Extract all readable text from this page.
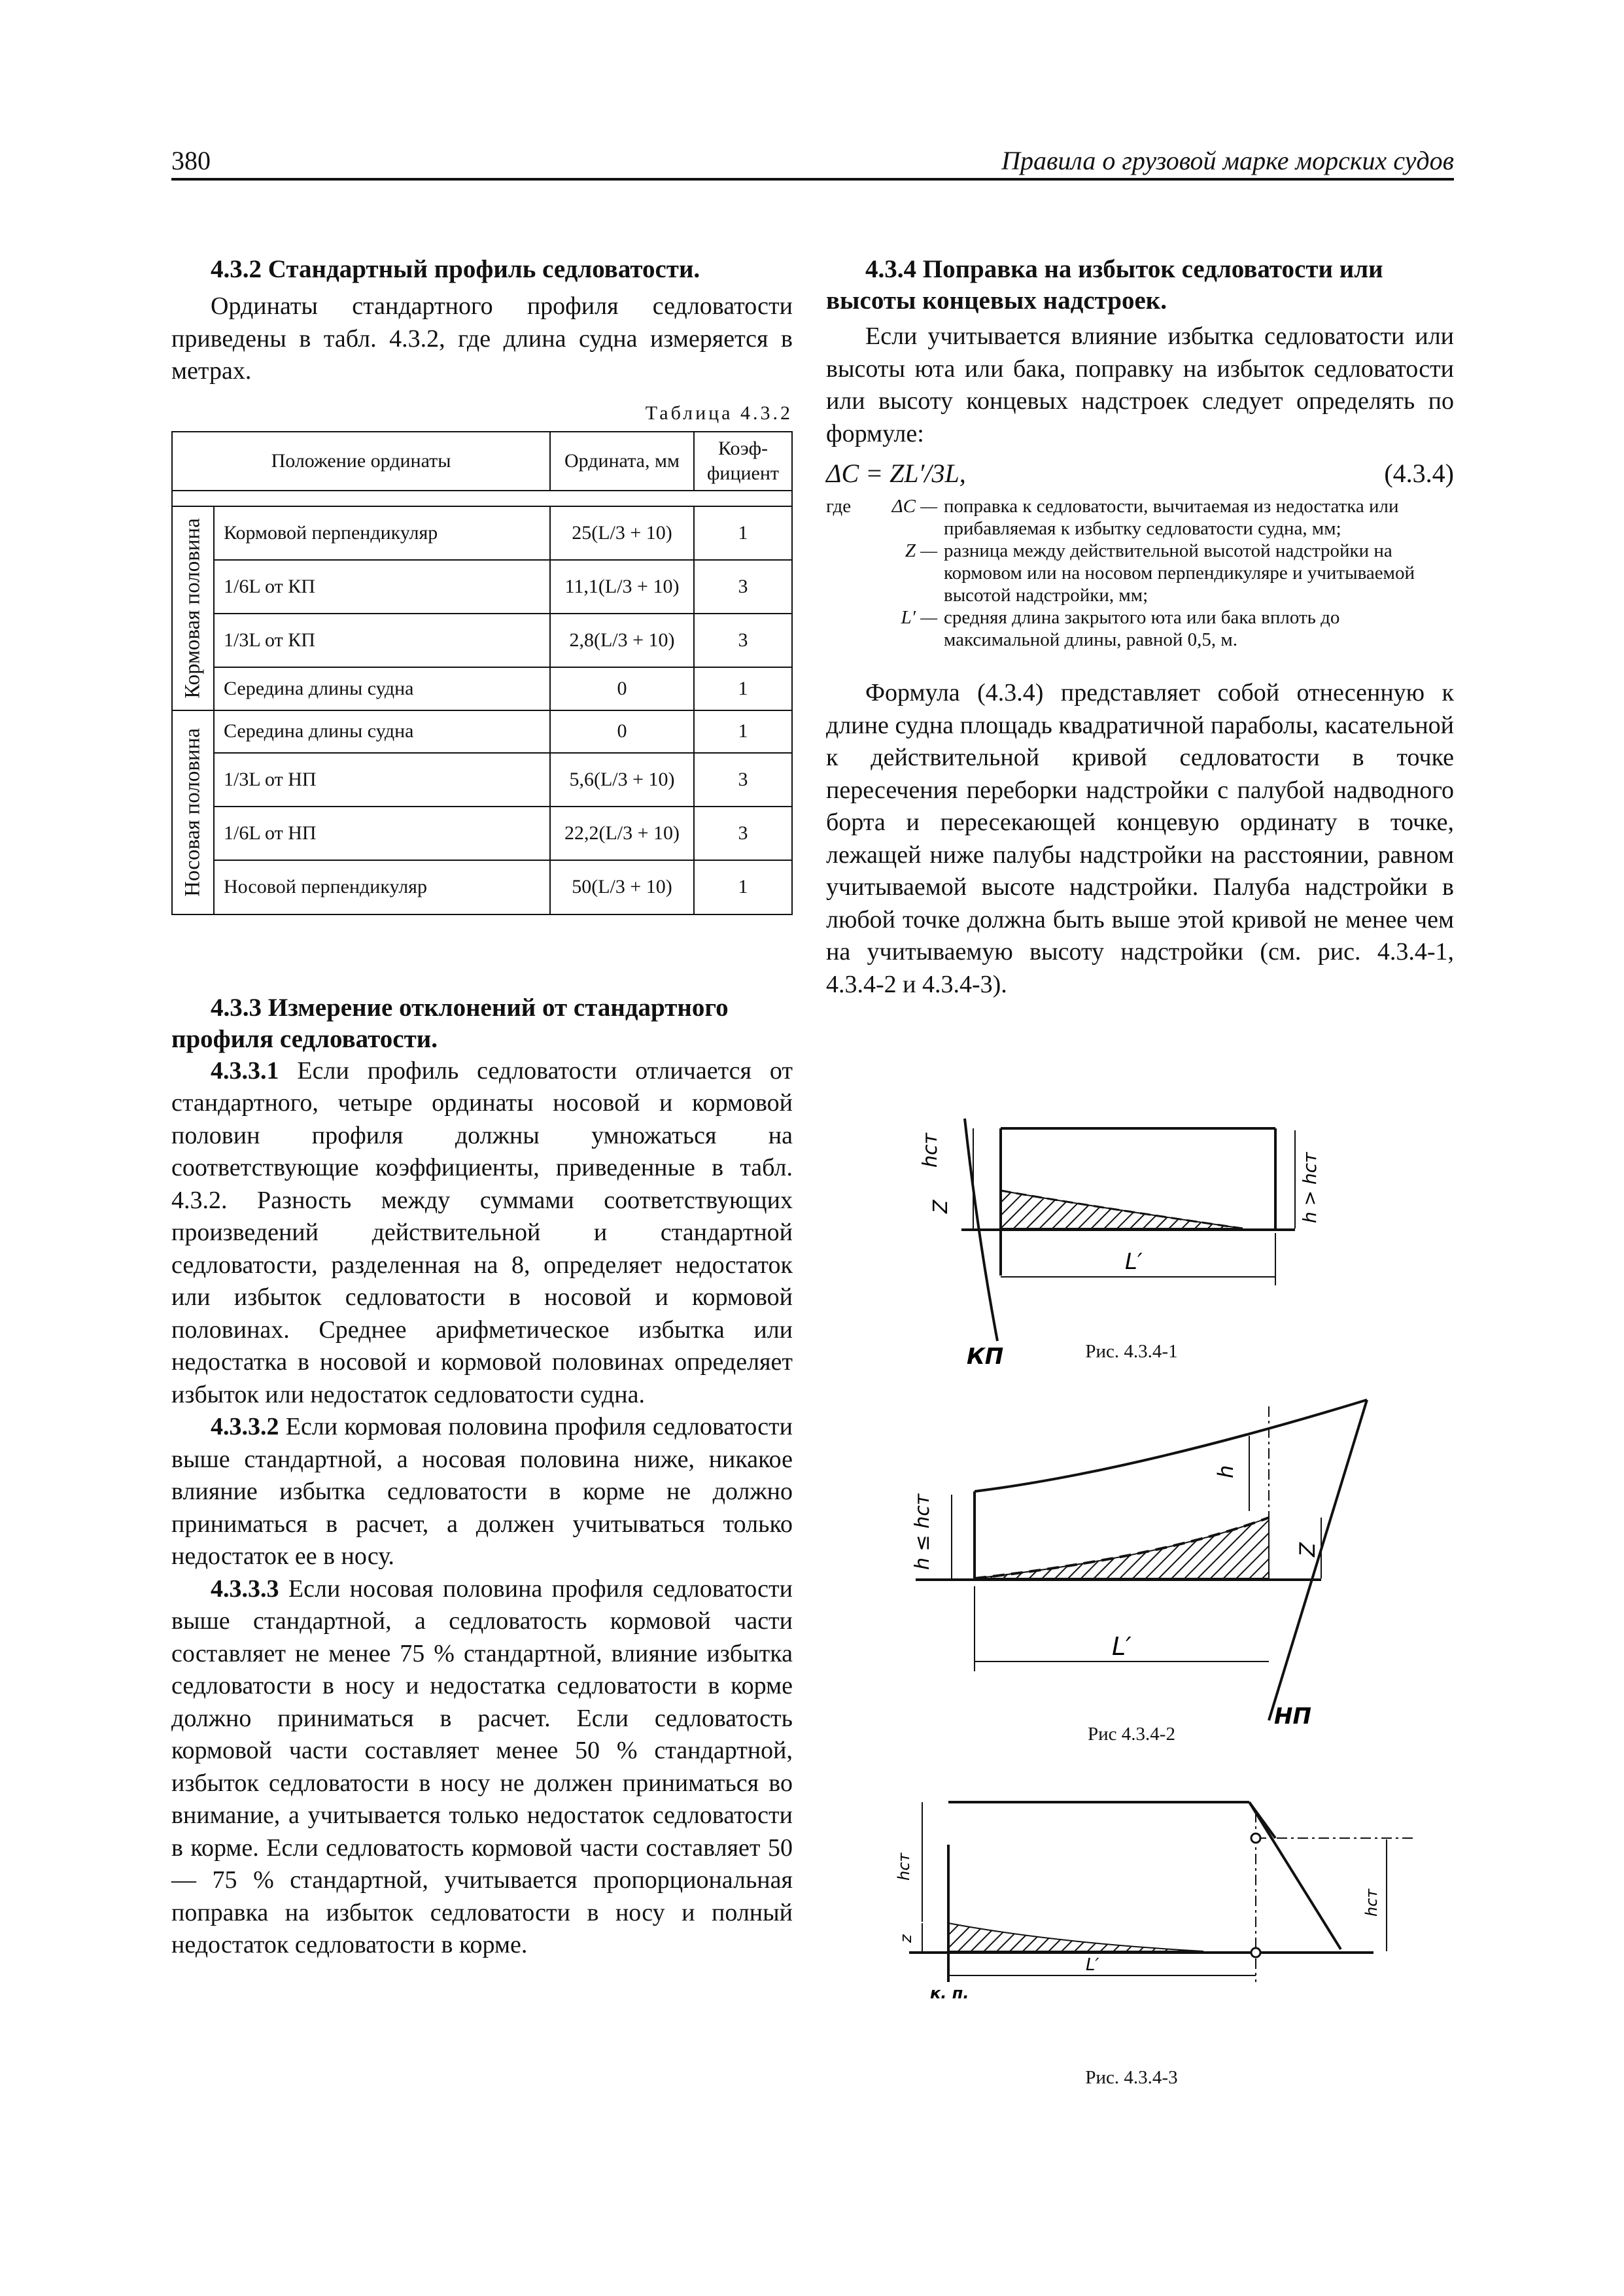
380	Правила о грузовой марке морских судов

4.3.2 Стандартный профиль седловатости.

Ординаты стандартного профиля седловатости приведены в табл. 4.3.2, где длина судна измеряется в метрах.

Таблица 4.3.2
Положение ординаты		Ордината, мм	Коэф-фициент

Кормовая половина	Кормовой перпендикуляр	25(L/3 + 10)	1
	1/6L от КП	11,1(L/3 + 10)	3
	1/3L от КП	2,8(L/3 + 10)	3
	Середина длины судна	0	1

Носовая половина	Середина длины судна	0	1
	1/3L от НП	5,6(L/3 + 10)	3
	1/6L от НП	22,2(L/3 + 10)	3
	Носовой перпендикуляр	50(L/3 + 10)	1

4.3.3 Измерение отклонений от стандартного профиля седловатости.

4.3.3.1 Если профиль седловатости отличается от стандартного, четыре ординаты носовой и кормовой половин профиля должны умножаться на соответствующие коэффициенты, приведенные в табл. 4.3.2. Разность между суммами соответствующих произведений действительной и стандартной седловатости, разделенная на 8, определяет недостаток или избыток седловатости в носовой и кормовой половинах. Среднее арифметическое избытка или недостатка в носовой и кормовой половинах определяет избыток или недостаток седловатости судна.

4.3.3.2 Если кормовая половина профиля седловатости выше стандартной, а носовая половина ниже, никакое влияние избытка седловатости в корме не должно приниматься в расчет, а должен учитываться только недостаток ее в носу.

4.3.3.3 Если носовая половина профиля седловатости выше стандартной, а седловатость кормовой части составляет не менее 75 % стандартной, влияние избытка седловатости в носу и недостатка седловатости в корме должно приниматься в расчет. Если седловатость кормовой части составляет менее 50 % стандартной, избыток седловатости в носу не должен приниматься во внимание, а учитывается только недостаток седловатости в корме. Если седловатость кормовой части составляет 50 — 75 % стандартной, учитывается пропорциональная поправка на избыток седловатости в носу и полный недостаток седловатости в корме.

4.3.4 Поправка на избыток седловатости или высоты концевых надстроек.

Если учитывается влияние избытка седловатости или высоты юта или бака, поправку на избыток седловатости или высоту концевых надстроек следует определять по формуле:

ΔC = ZL′/3L,	(4.3.4)
где	ΔC — поправка к седловатости, вычитаемая из недостатка или прибавляемая к избытку седловатости судна, мм;
Z — разница между действительной высотой надстройки на кормовом или на носовом перпендикуляре и учитываемой высотой надстройки, мм;
L′ — средняя длина закрытого юта или бака вплоть до максимальной длины, равной 0,5, м.

Формула (4.3.4) представляет собой отнесенную к длине судна площадь квадратичной параболы, касательной к действительной кривой седловатости в точке пересечения переборки надстройки с палубой надводного борта и пересекающей концевую ординату в точке, лежащей ниже палубы надстройки на расстоянии, равном учитываемой высоте надстройки. Палуба надстройки в любой точке должна быть выше этой кривой не менее чем на учитываемую высоту надстройки (см. рис. 4.3.4-1, 4.3.4-2 и 4.3.4-3).

hст
Z	h > hст
L′
КП	Рис. 4.3.4-1
h ≤ hст
h
Z
L′
НП
Рис 4.3.4-2
hст
z
hст
L′
к. п.
Рис. 4.3.4-3
